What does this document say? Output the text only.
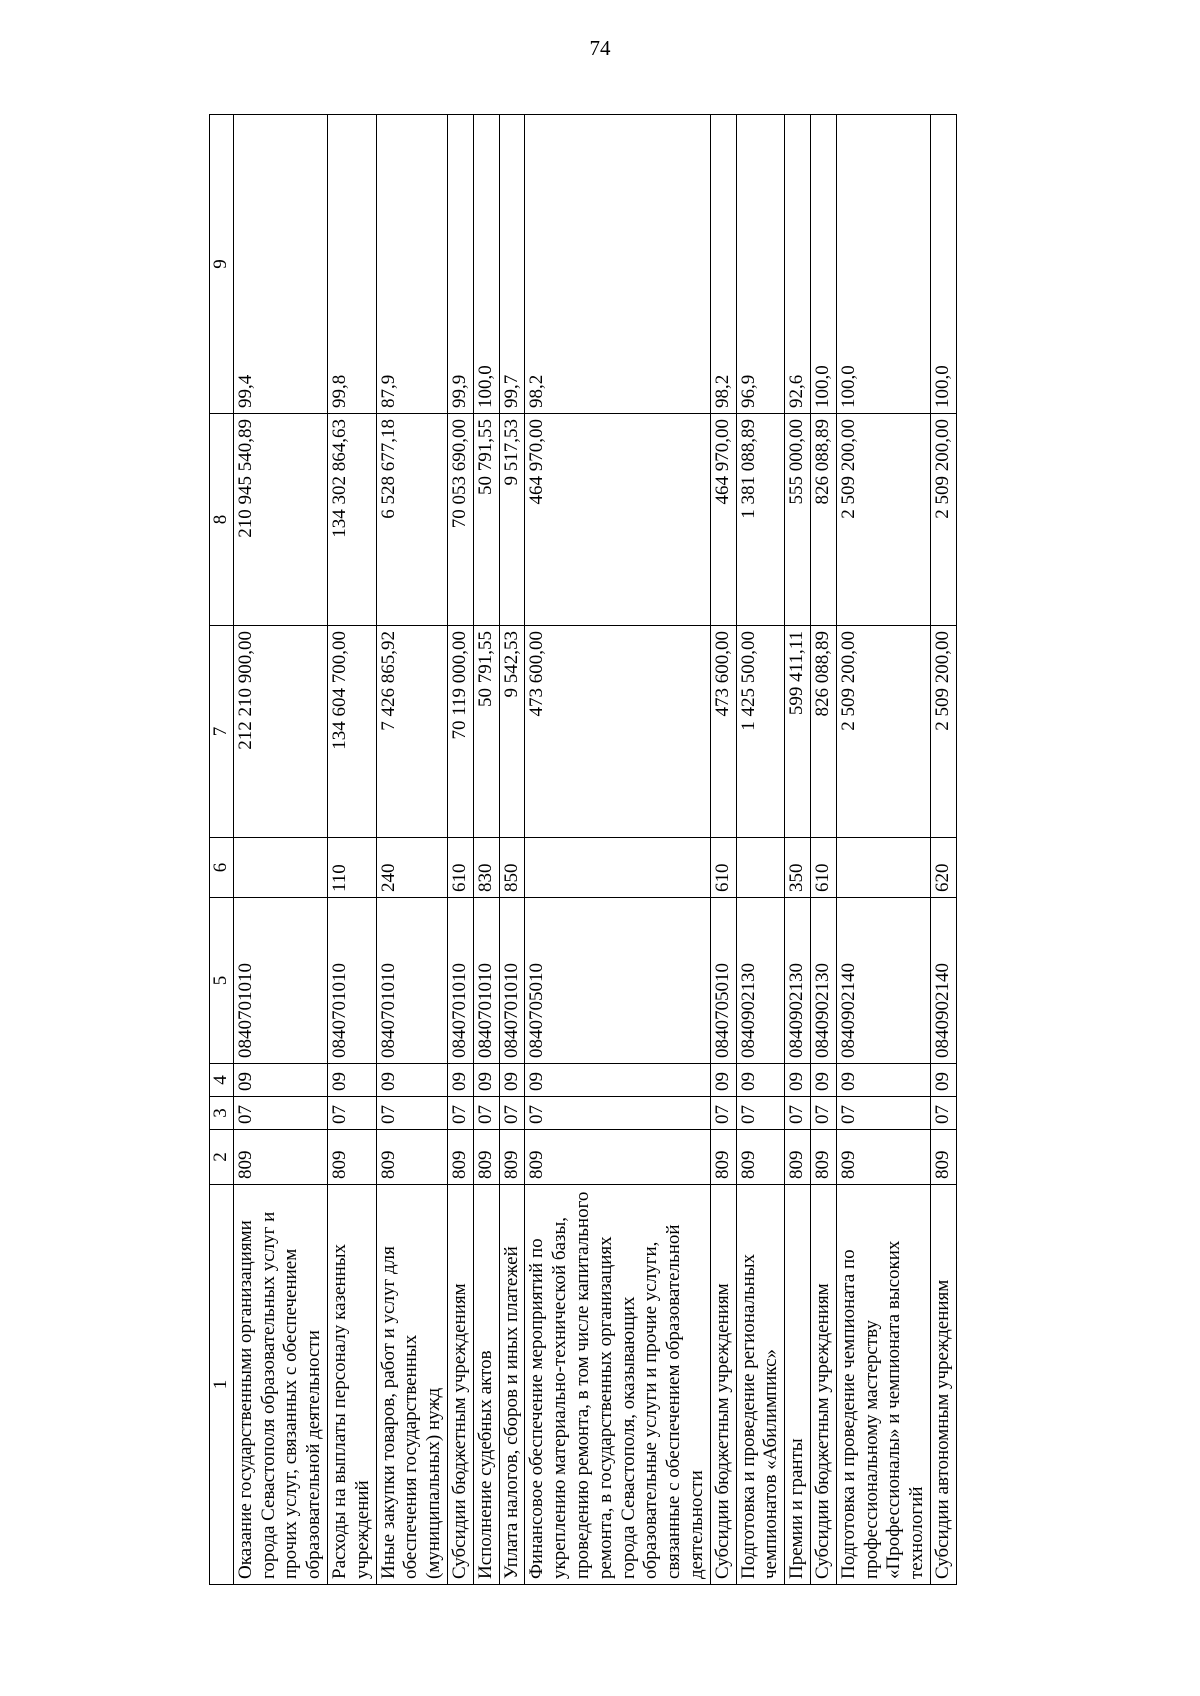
74
1	2	3	4	5	6	7	8	9
Оказание государственными организациями города Севастополя образовательных услуг и прочих услуг, связанных с обеспечением образовательной деятельности	809	07	09	0840701010		212 210 900,00	210 945 540,89	99,4
Расходы на выплаты персоналу казенных учреждений	809	07	09	0840701010	110	134 604 700,00	134 302 864,63	99,8
Иные закупки товаров, работ и услуг для обеспечения государственных (муниципальных) нужд	809	07	09	0840701010	240	7 426 865,92	6 528 677,18	87,9
Субсидии бюджетным учреждениям	809	07	09	0840701010	610	70 119 000,00	70 053 690,00	99,9
Исполнение судебных актов	809	07	09	0840701010	830	50 791,55	50 791,55	100,0
Уплата налогов, сборов и иных платежей	809	07	09	0840701010	850	9 542,53	9 517,53	99,7
Финансовое обеспечение мероприятий по укреплению материально-технической базы, проведению ремонта, в том числе капитального ремонта, в государственных организациях города Севастополя, оказывающих образовательные услуги и прочие услуги, связанные с обеспечением образовательной деятельности	809	07	09	0840705010		473 600,00	464 970,00	98,2
Субсидии бюджетным учреждениям	809	07	09	0840705010	610	473 600,00	464 970,00	98,2
Подготовка и проведение региональных чемпионатов «Абилимпикс»	809	07	09	0840902130		1 425 500,00	1 381 088,89	96,9
Премии и гранты	809	07	09	0840902130	350	599 411,11	555 000,00	92,6
Субсидии бюджетным учреждениям	809	07	09	0840902130	610	826 088,89	826 088,89	100,0
Подготовка и проведение чемпионата по профессиональному мастерству «Профессионалы» и чемпионата высоких технологий	809	07	09	0840902140		2 509 200,00	2 509 200,00	100,0
Субсидии автономным учреждениям	809	07	09	0840902140	620	2 509 200,00	2 509 200,00	100,0
